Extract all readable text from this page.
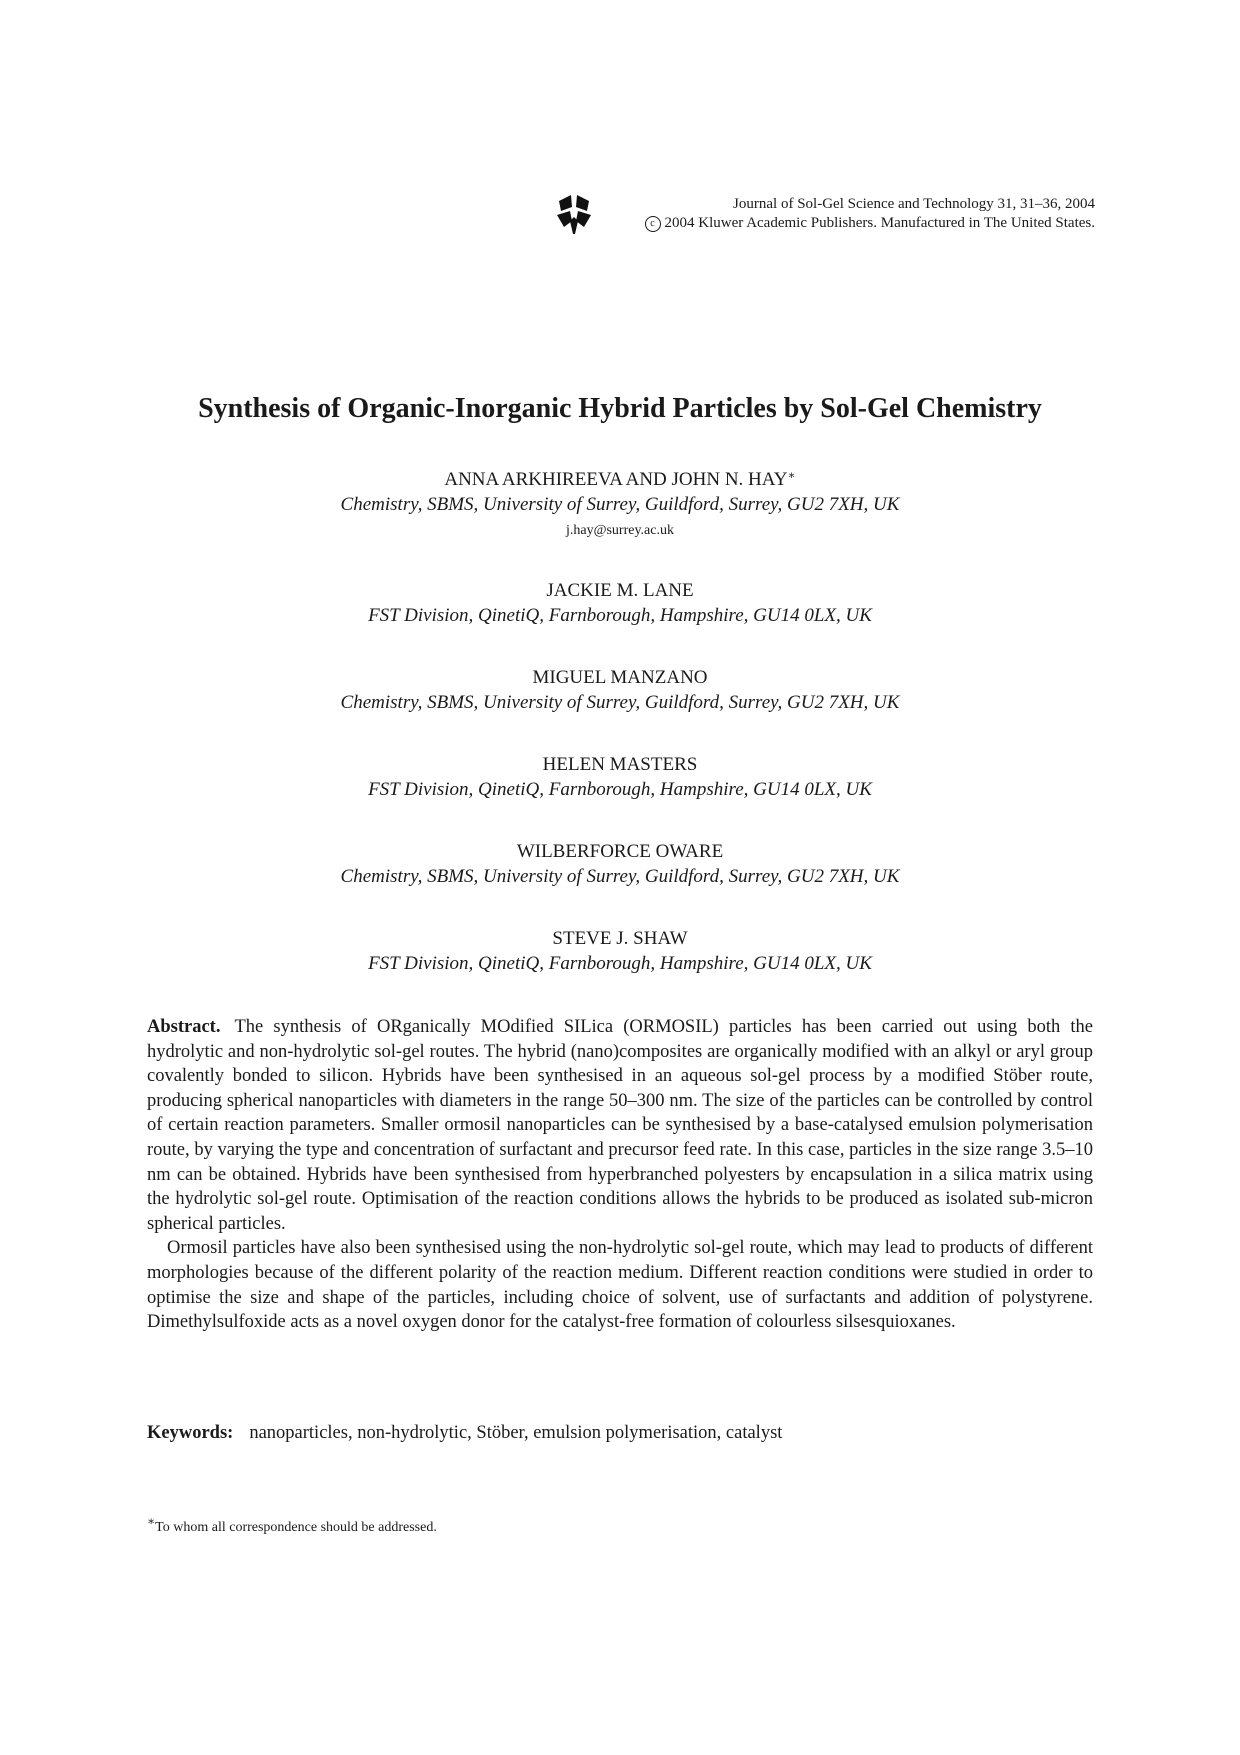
Journal of Sol-Gel Science and Technology 31, 31–36, 2004
c 2004 Kluwer Academic Publishers. Manufactured in The United States.
Synthesis of Organic-Inorganic Hybrid Particles by Sol-Gel Chemistry
ANNA ARKHIREEVA AND JOHN N. HAY∗
Chemistry, SBMS, University of Surrey, Guildford, Surrey, GU2 7XH, UK
j.hay@surrey.ac.uk
JACKIE M. LANE
FST Division, QinetiQ, Farnborough, Hampshire, GU14 0LX, UK
MIGUEL MANZANO
Chemistry, SBMS, University of Surrey, Guildford, Surrey, GU2 7XH, UK
HELEN MASTERS
FST Division, QinetiQ, Farnborough, Hampshire, GU14 0LX, UK
WILBERFORCE OWARE
Chemistry, SBMS, University of Surrey, Guildford, Surrey, GU2 7XH, UK
STEVE J. SHAW
FST Division, QinetiQ, Farnborough, Hampshire, GU14 0LX, UK

Abstract. The synthesis of ORganically MOdified SILica (ORMOSIL) particles has been carried out using both the hydrolytic and non-hydrolytic sol-gel routes. The hybrid (nano)composites are organically modified with an alkyl or aryl group covalently bonded to silicon. Hybrids have been synthesised in an aqueous sol-gel process by a modified Stöber route, producing spherical nanoparticles with diameters in the range 50–300 nm. The size of the particles can be controlled by control of certain reaction parameters. Smaller ormosil nanoparticles can be synthesised by a base-catalysed emulsion polymerisation route, by varying the type and concentration of surfactant and precursor feed rate. In this case, particles in the size range 3.5–10 nm can be obtained. Hybrids have been synthesised from hyperbranched polyesters by encapsulation in a silica matrix using the hydrolytic sol-gel route. Optimisation of the reaction conditions allows the hybrids to be produced as isolated sub-micron spherical particles.

Ormosil particles have also been synthesised using the non-hydrolytic sol-gel route, which may lead to products of different morphologies because of the different polarity of the reaction medium. Different reaction conditions were studied in order to optimise the size and shape of the particles, including choice of solvent, use of surfactants and addition of polystyrene. Dimethylsulfoxide acts as a novel oxygen donor for the catalyst-free formation of colourless silsesquioxanes.

Keywords: nanoparticles, non-hydrolytic, Stöber, emulsion polymerisation, catalyst
∗To whom all correspondence should be addressed.
